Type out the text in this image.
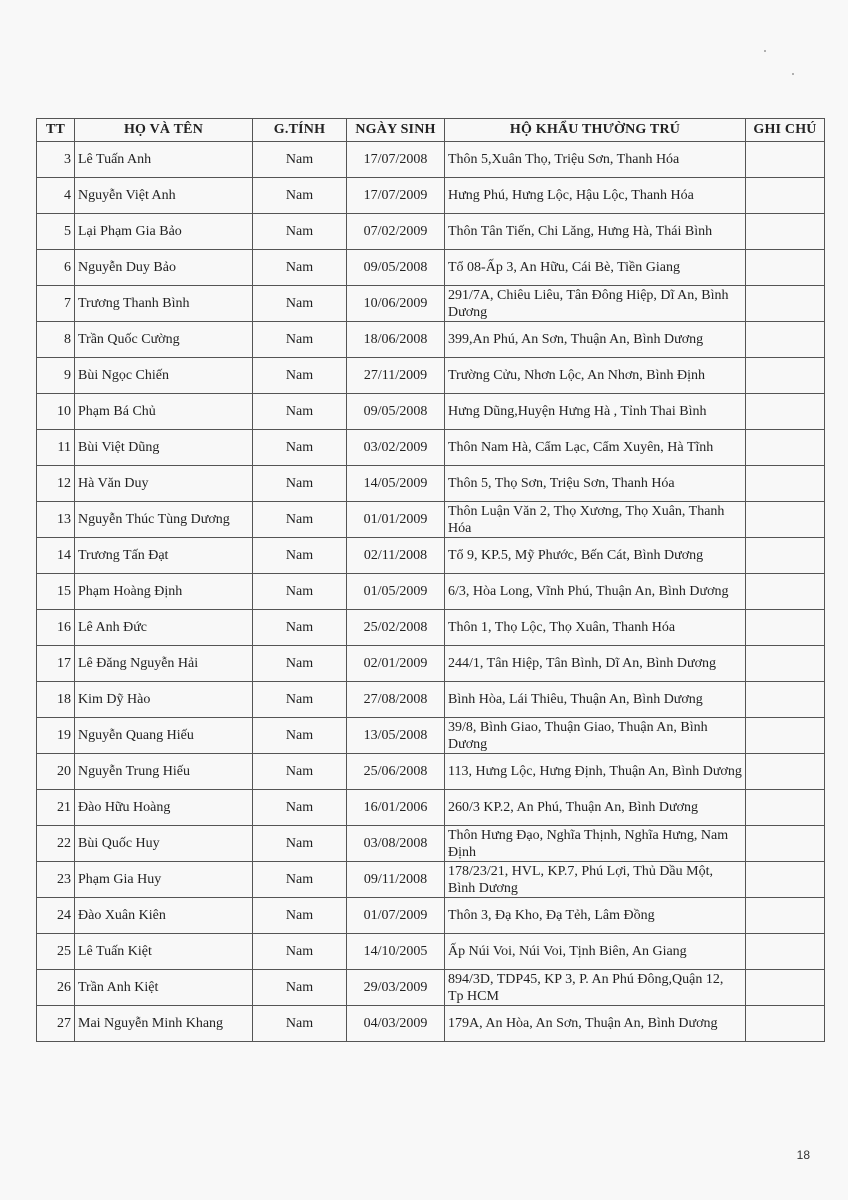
TT	HỌ VÀ TÊN	G.TÍNH	NGÀY SINH	HỘ KHẨU THƯỜNG TRÚ	GHI CHÚ
3	Lê Tuấn Anh	Nam	17/07/2008	Thôn 5,Xuân Thọ, Triệu Sơn, Thanh Hóa	
4	Nguyễn Việt Anh	Nam	17/07/2009	Hưng Phú, Hưng Lộc, Hậu Lộc, Thanh Hóa	
5	Lại Phạm Gia Bảo	Nam	07/02/2009	Thôn Tân Tiến, Chi Lăng, Hưng Hà, Thái Bình	
6	Nguyễn Duy Bảo	Nam	09/05/2008	Tổ 08-Ấp 3, An Hữu, Cái Bè, Tiền Giang	
7	Trương Thanh Bình	Nam	10/06/2009	291/7A, Chiêu Liêu, Tân Đông Hiệp, Dĩ An, Bình Dương	
8	Trần Quốc Cường	Nam	18/06/2008	399,An Phú, An Sơn, Thuận An, Bình Dương	
9	Bùi Ngọc Chiến	Nam	27/11/2009	Trường Cửu, Nhơn Lộc, An Nhơn, Bình Định	
10	Phạm Bá Chủ	Nam	09/05/2008	Hưng Dũng,Huyện Hưng Hà , Tỉnh Thai Bình	
11	Bùi Việt Dũng	Nam	03/02/2009	Thôn Nam Hà, Cẩm Lạc, Cẩm Xuyên, Hà Tĩnh	
12	Hà Văn Duy	Nam	14/05/2009	Thôn 5, Thọ Sơn, Triệu Sơn, Thanh Hóa	
13	Nguyễn Thúc Tùng Dương	Nam	01/01/2009	Thôn Luận Văn 2, Thọ Xương, Thọ Xuân, Thanh Hóa	
14	Trương Tấn Đạt	Nam	02/11/2008	Tổ 9, KP.5, Mỹ Phước, Bến Cát, Bình Dương	
15	Phạm Hoàng Định	Nam	01/05/2009	6/3, Hòa Long, Vĩnh Phú, Thuận An, Bình Dương	
16	Lê Anh Đức	Nam	25/02/2008	Thôn 1, Thọ Lộc, Thọ Xuân, Thanh Hóa	
17	Lê Đăng Nguyễn Hải	Nam	02/01/2009	244/1, Tân Hiệp, Tân Bình, Dĩ An, Bình Dương	
18	Kim Dỹ Hào	Nam	27/08/2008	Bình Hòa, Lái Thiêu, Thuận An, Bình Dương	
19	Nguyễn Quang Hiếu	Nam	13/05/2008	39/8, Bình Giao, Thuận Giao, Thuận An, Bình Dương	
20	Nguyễn Trung Hiếu	Nam	25/06/2008	113, Hưng Lộc, Hưng Định, Thuận An, Bình Dương	
21	Đào Hữu Hoàng	Nam	16/01/2006	260/3 KP.2, An Phú, Thuận An, Bình Dương	
22	Bùi Quốc Huy	Nam	03/08/2008	Thôn Hưng Đạo, Nghĩa Thịnh, Nghĩa Hưng, Nam Định	
23	Phạm Gia Huy	Nam	09/11/2008	178/23/21, HVL, KP.7, Phú Lợi, Thủ Dầu Một, Bình Dương	
24	Đào Xuân Kiên	Nam	01/07/2009	Thôn 3, Đạ Kho, Đạ Tẻh, Lâm Đồng	
25	Lê Tuấn Kiệt	Nam	14/10/2005	Ấp Núi Voi, Núi Voi, Tịnh Biên, An Giang	
26	Trần Anh Kiệt	Nam	29/03/2009	894/3D, TDP45, KP 3, P. An Phú Đông,Quận 12, Tp HCM	
27	Mai Nguyễn Minh Khang	Nam	04/03/2009	179A, An Hòa, An Sơn, Thuận An, Bình Dương	
18
